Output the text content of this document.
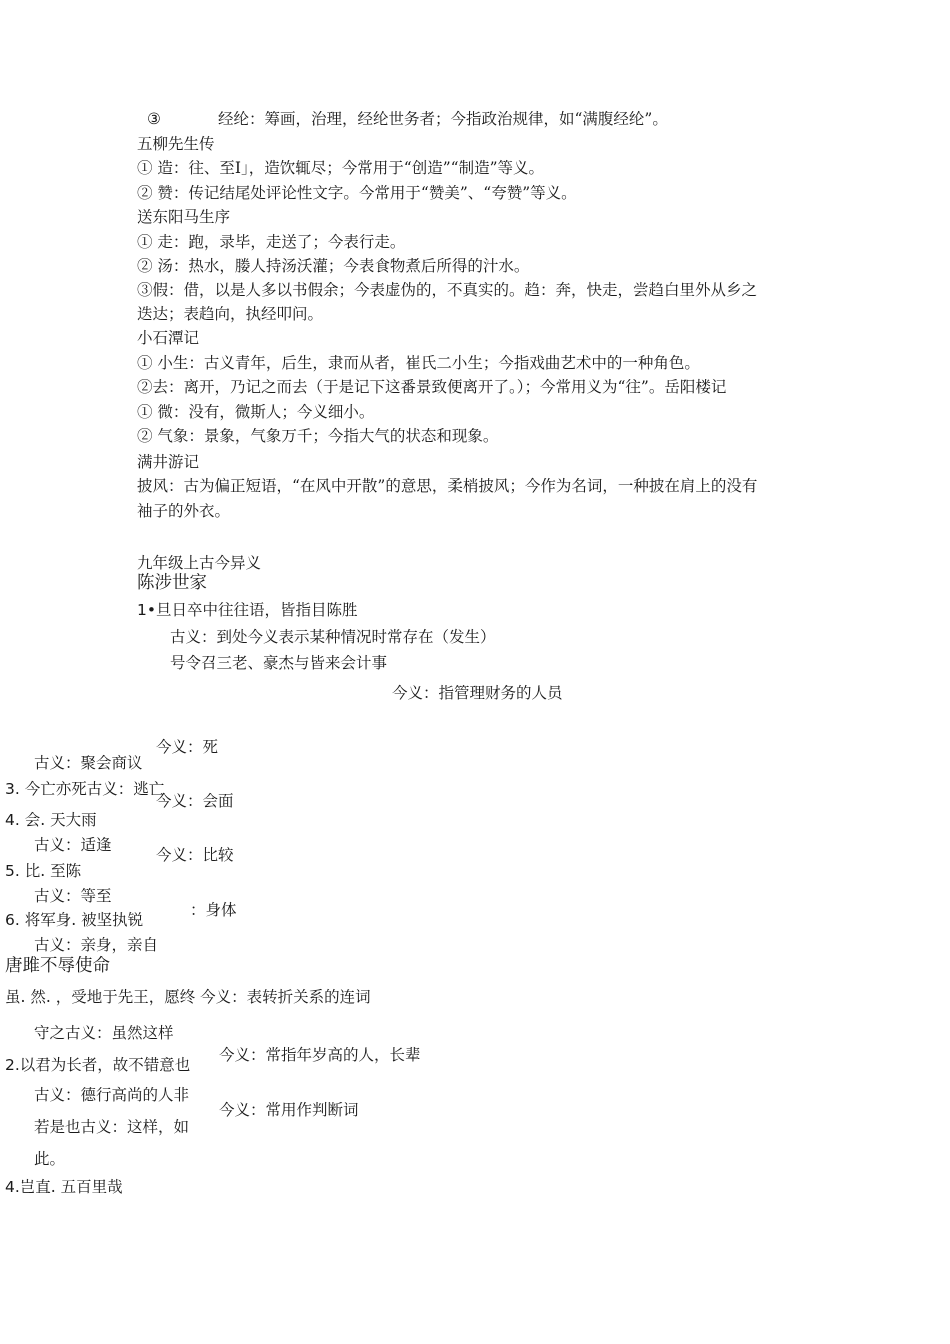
③	经纶：筹画，治理，经纶世务者；今指政治规律，如“满腹经纶”。
五柳先生传
① 造：往、至I」，造饮辄尽；今常用于“创造”“制造”等义。
② 赞：传记结尾处评论性文字。今常用于“赞美”、“夸赞”等义。
送东阳马生序
① 走：跑，录毕，走送了；今表行走。
② 汤：热水，媵人持汤沃灌；今表食物煮后所得的汁水。
③假：借，以是人多以书假余；今表虚伪的，不真实的。趋：奔，快走，尝趋白里外从乡之
迭达；表趋向，执经叩问。
小石潭记
① 小生：古义青年，后生，隶而从者，崔氏二小生；今指戏曲艺术中的一种角色。
②去：离开，乃记之而去（于是记下这番景致便离开了。）；今常用义为“往”。岳阳楼记
① 微：没有，微斯人；今义细小。
② 气象：景象，气象万千；今指大气的状态和现象。
满井游记
披风：古为偏正短语，“在风中开散”的意思，柔梢披风；今作为名词，一种披在肩上的没有
袖子的外衣。
九年级上古今异义
陈涉世家
1•旦日卒中往往语，皆指目陈胜
古义：到处今义表示某种情况时常存在（发生）
号令召三老、豪杰与皆来会计事
今义：指管理财务的人员
今义：死
古义：聚会商议
3. 今亡亦死古义：逃亡
今义：会面
4. 会. 天大雨
古义：适逢
今义：比较
5. 比. 至陈
古义：等至
：身体
6. 将军身. 被坚执锐
古义：亲身，亲自
唐雎不辱使命
虽. 然. ，受地于先王，愿终 今义：表转折关系的连词
守之古义：虽然这样
2.以君为长者，故不错意也
今义：常指年岁高的人，长辈
古义：德行高尚的人非
今义：常用作判断词
若是也古义：这样，如
此。
4.岂直. 五百里哉
